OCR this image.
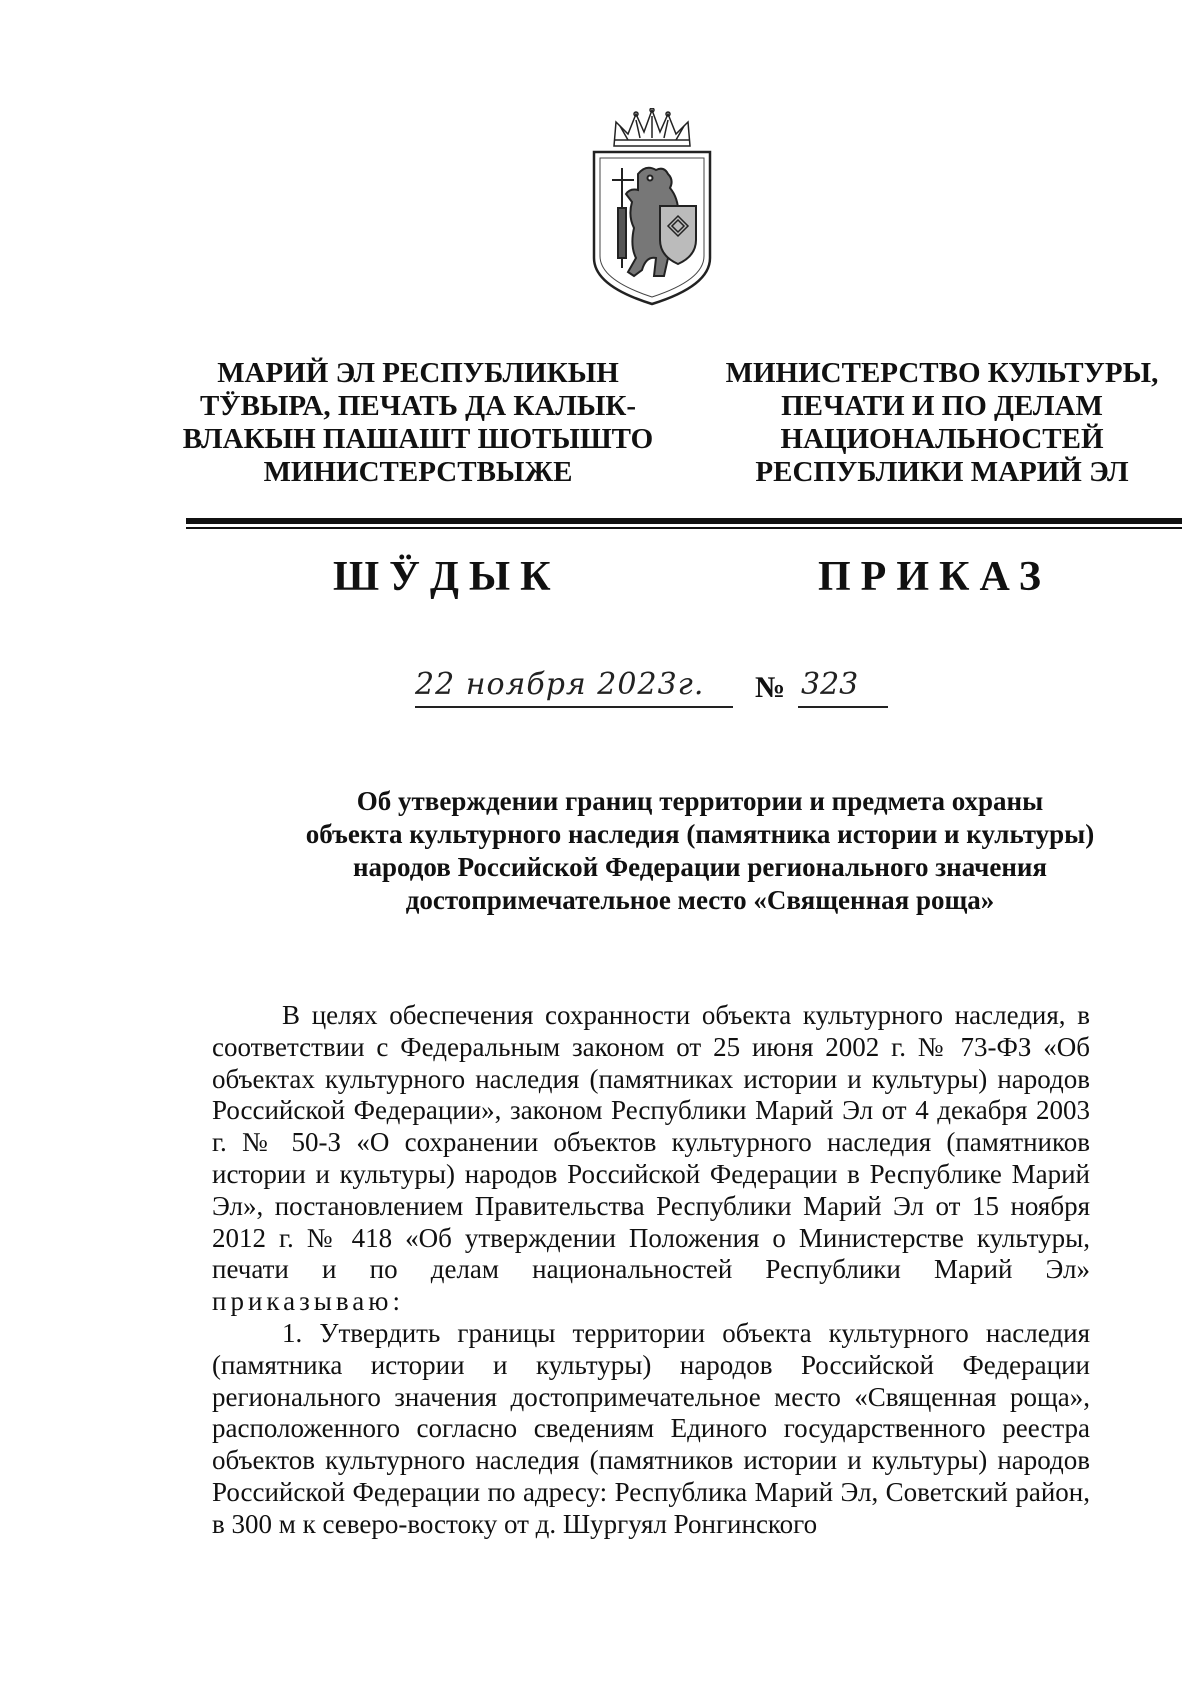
МАРИЙ ЭЛ РЕСПУБЛИКЫН
ТӰВЫРА, ПЕЧАТЬ ДА КАЛЫК-
ВЛАКЫН ПАШАШТ ШОТЫШТО
МИНИСТЕРСТВЫЖЕ
МИНИСТЕРСТВО КУЛЬТУРЫ,
ПЕЧАТИ И ПО ДЕЛАМ
НАЦИОНАЛЬНОСТЕЙ
РЕСПУБЛИКИ МАРИЙ ЭЛ
ШӰДЫК	ПРИКАЗ
22 ноября 2023г. № 323
Об утверждении границ территории и предмета охраны
объекта культурного наследия (памятника истории и культуры)
народов Российской Федерации регионального значения
достопримечательное место «Священная роща»

В целях обеспечения сохранности объекта культурного наследия, в соответствии с Федеральным законом от 25 июня 2002 г. № 73-ФЗ «Об объектах культурного наследия (памятниках истории и культуры) народов Российской Федерации», законом Республики Марий Эл от 4 декабря 2003 г. № 50-З «О сохранении объектов культурного наследия (памятников истории и культуры) народов Российской Федерации в Республике Марий Эл», постановлением Правительства Республики Марий Эл от 15 ноября 2012 г. № 418 «Об утверждении Положения о Министерстве культуры, печати и по делам национальностей Республики Марий Эл» приказываю:

1. Утвердить границы территории объекта культурного наследия (памятника истории и культуры) народов Российской Федерации регионального значения достопримечательное место «Священная роща», расположенного согласно сведениям Единого государственного реестра объектов культурного наследия (памятников истории и культуры) народов Российской Федерации по адресу: Республика Марий Эл, Советский район, в 300 м к северо-востоку от д. Шургуял Ронгинского
